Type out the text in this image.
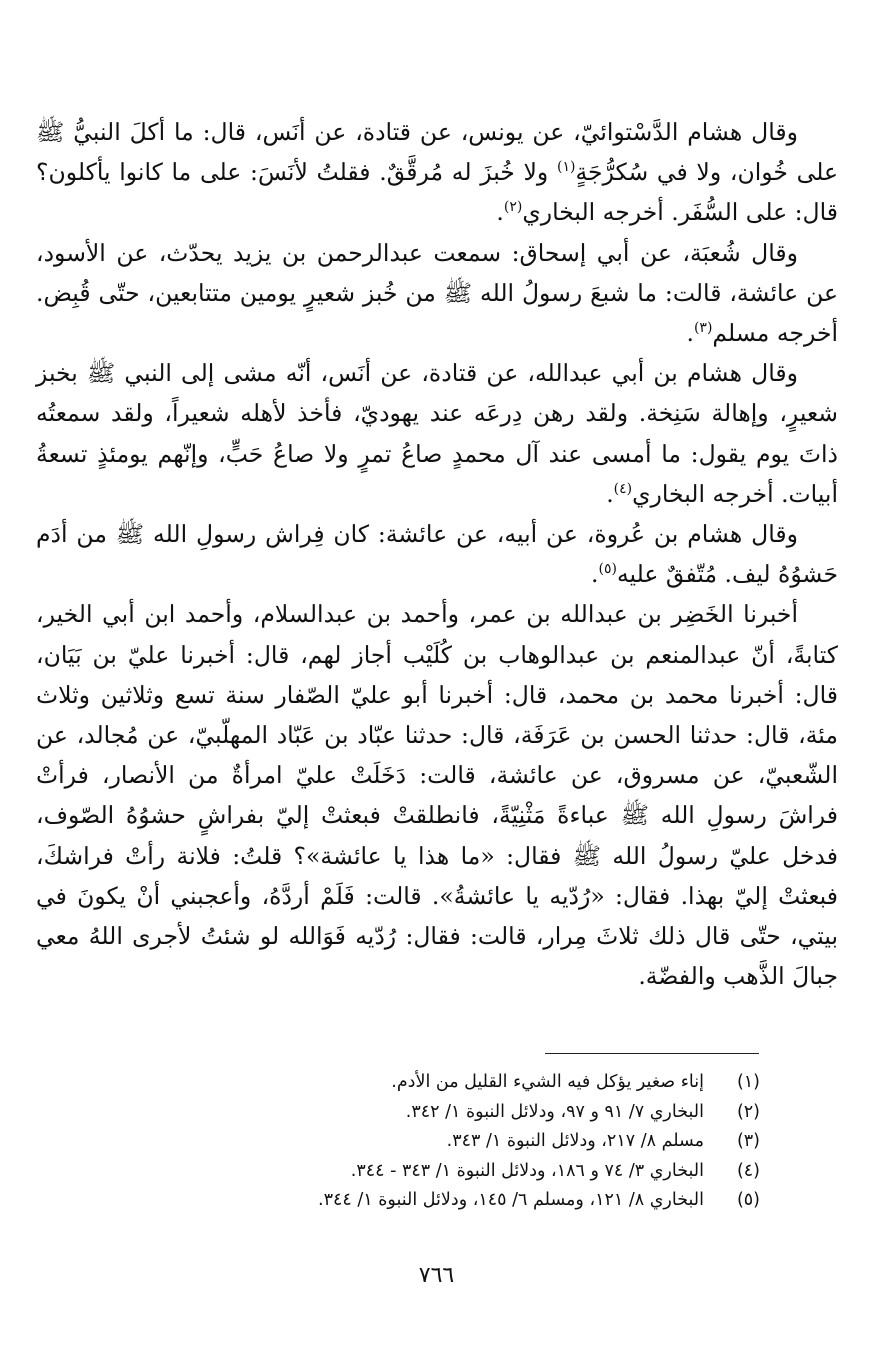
وقال هشام الدَّسْتوائيّ، عن يونس، عن قتادة، عن أنَس، قال: ما أكلَ النبيُّ ﷺ على خُوان، ولا في سُكرُّجَةٍ$^{(١)}$ ولا خُبزَ له مُرقَّقٌ. فقلتُ لأنَسَ: على ما كانوا يأكلون؟ قال: على السُّفَر. أخرجه البخاري$^{(٢)}$.

وقال شُعبَة، عن أبي إسحاق: سمعت عبدالرحمن بن يزيد يحدّث، عن الأسود، عن عائشة، قالت: ما شبعَ رسولُ الله ﷺ من خُبز شعيرٍ يومين متتابعين، حتّى قُبِض. أخرجه مسلم$^{(٣)}$.

وقال هشام بن أبي عبدالله، عن قتادة، عن أنَس، أنّه مشى إلى النبي ﷺ بخبز شعيرٍ، وإهالة سَنِخة. ولقد رهن دِرعَه عند يهوديّ، فأخذ لأهله شعيراً، ولقد سمعتُه ذاتَ يوم يقول: ما أمسى عند آل محمدٍ صاعُ تمرٍ ولا صاعُ حَبٍّ، وإنّهم يومئذٍ تسعةُ أبيات. أخرجه البخاري$^{(٤)}$.

وقال هشام بن عُروة، عن أبيه، عن عائشة: كان فِراش رسولِ الله ﷺ من أدَم حَشوُهُ ليف. مُتّفقٌ عليه$^{(٥)}$.

أخبرنا الخَضِر بن عبدالله بن عمر، وأحمد بن عبدالسلام، وأحمد ابن أبي الخير، كتابةً، أنّ عبدالمنعم بن عبدالوهاب بن كُلَيْب أجاز لهم، قال: أخبرنا عليّ بن بَيَان، قال: أخبرنا محمد بن محمد، قال: أخبرنا أبو عليّ الصّفار سنة تسع وثلاثين وثلاث مئة، قال: حدثنا الحسن بن عَرَفَة، قال: حدثنا عبّاد بن عَبّاد المهلّبيّ، عن مُجالد، عن الشّعبيّ، عن مسروق، عن عائشة، قالت: دَخَلَتْ عليّ امرأةٌ من الأنصار، فرأتْ فراشَ رسولِ الله ﷺ عباءةً مَثْنِيّةً، فانطلقتْ فبعثتْ إليّ بفراشٍ حشوُهُ الصّوف، فدخل عليّ رسولُ الله ﷺ فقال: «ما هذا يا عائشة»؟ قلتُ: فلانة رأتْ فراشكَ، فبعثتْ إليّ بهذا. فقال: «رُدّيه يا عائشةُ». قالت: فَلَمْ أردَّهُ، وأعجبني أنْ يكونَ في بيتي، حتّى قال ذلك ثلاثَ مِرار، قالت: فقال: رُدّيه فَوَالله لو شئتُ لأجرى اللهُ معي جبالَ الذَّهب والفضّة.

(١)
إناء صغير يؤكل فيه الشيء القليل من الأدم.
(٢)
البخاري ٧/ ٩١ و ٩٧، ودلائل النبوة ١/ ٣٤٢.
(٣)
مسلم ٨/ ٢١٧، ودلائل النبوة ١/ ٣٤٣.
(٤)
البخاري ٣/ ٧٤ و ١٨٦، ودلائل النبوة ١/ ٣٤٣ - ٣٤٤.
(٥)
البخاري ٨/ ١٢١، ومسلم ٦/ ١٤٥، ودلائل النبوة ١/ ٣٤٤.
٧٦٦
